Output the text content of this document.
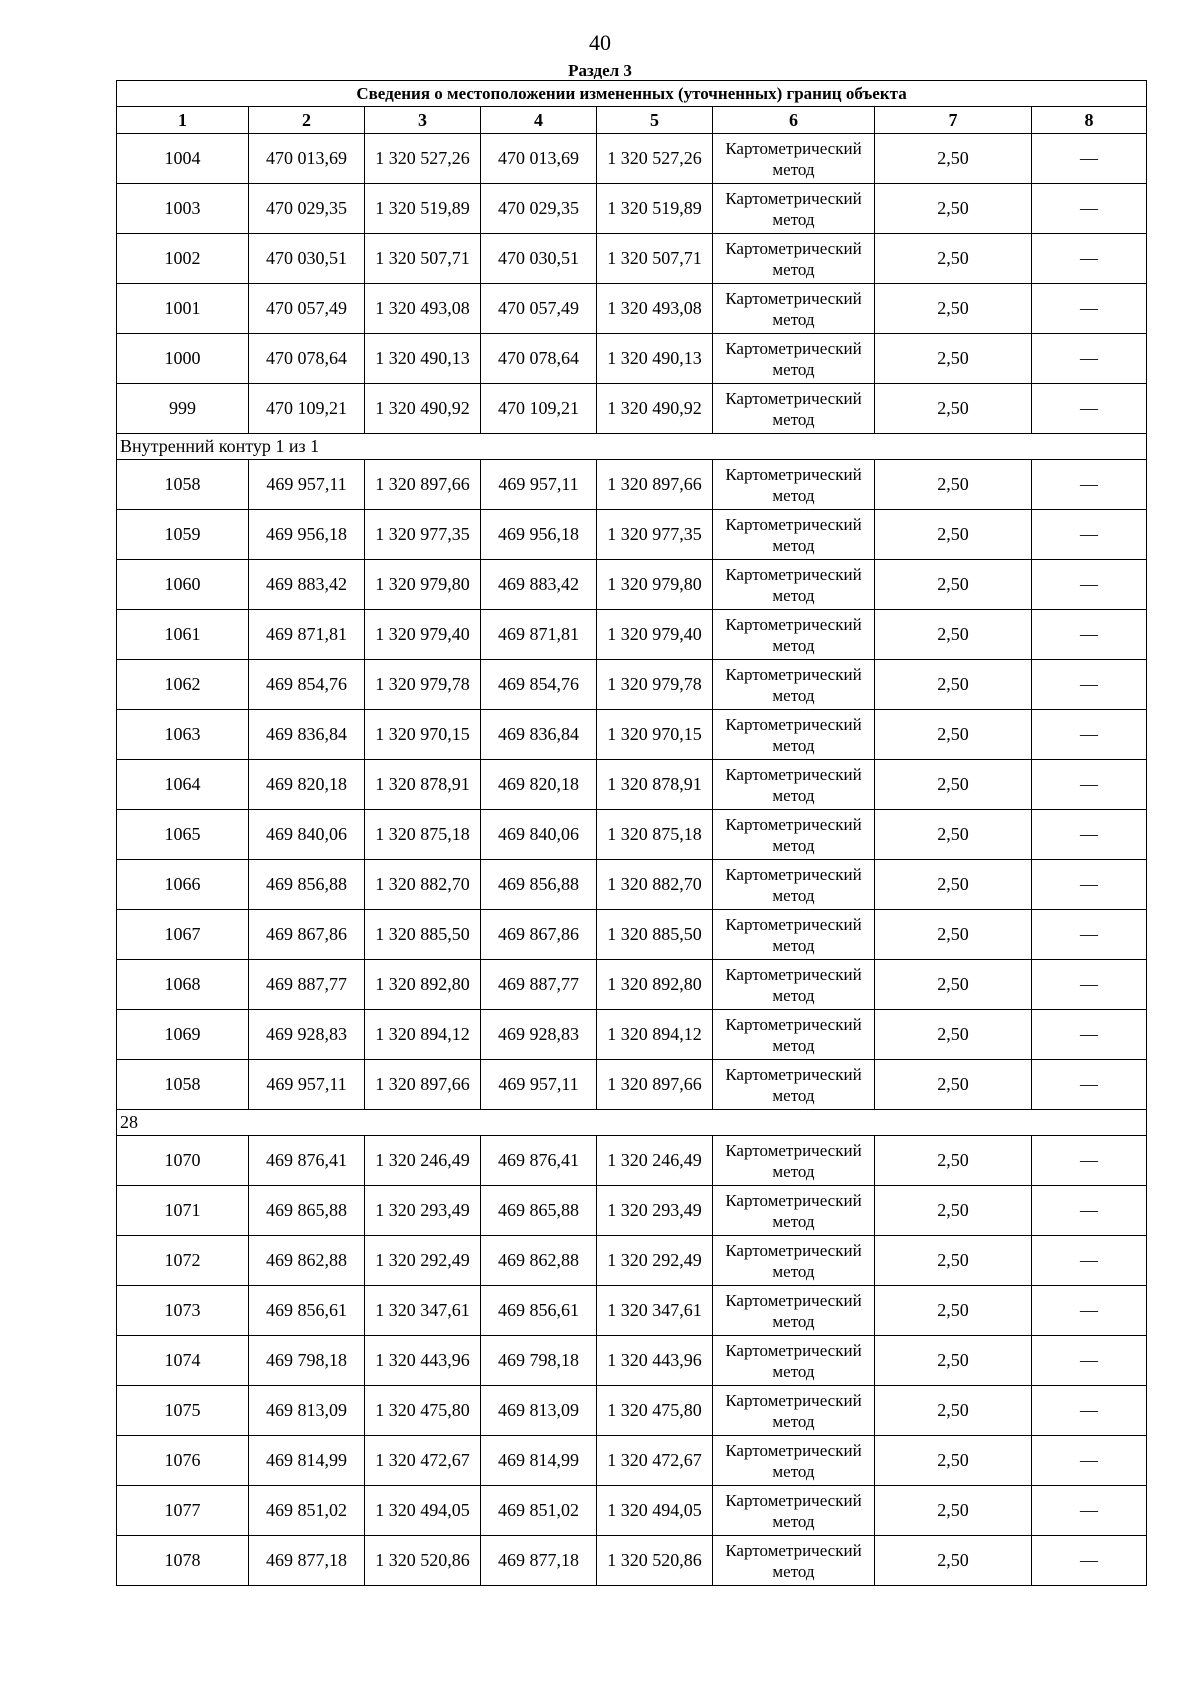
40
Раздел 3
Сведения о местоположении измененных (уточненных) границ объекта							
1	2	3	4	5	6	7	8
1004	470 013,69	1 320 527,26	470 013,69	1 320 527,26	Картометрический метод	2,50	—
1003	470 029,35	1 320 519,89	470 029,35	1 320 519,89	Картометрический метод	2,50	—
1002	470 030,51	1 320 507,71	470 030,51	1 320 507,71	Картометрический метод	2,50	—
1001	470 057,49	1 320 493,08	470 057,49	1 320 493,08	Картометрический метод	2,50	—
1000	470 078,64	1 320 490,13	470 078,64	1 320 490,13	Картометрический метод	2,50	—
999	470 109,21	1 320 490,92	470 109,21	1 320 490,92	Картометрический метод	2,50	—
Внутренний контур 1 из 1							
1058	469 957,11	1 320 897,66	469 957,11	1 320 897,66	Картометрический метод	2,50	—
1059	469 956,18	1 320 977,35	469 956,18	1 320 977,35	Картометрический метод	2,50	—
1060	469 883,42	1 320 979,80	469 883,42	1 320 979,80	Картометрический метод	2,50	—
1061	469 871,81	1 320 979,40	469 871,81	1 320 979,40	Картометрический метод	2,50	—
1062	469 854,76	1 320 979,78	469 854,76	1 320 979,78	Картометрический метод	2,50	—
1063	469 836,84	1 320 970,15	469 836,84	1 320 970,15	Картометрический метод	2,50	—
1064	469 820,18	1 320 878,91	469 820,18	1 320 878,91	Картометрический метод	2,50	—
1065	469 840,06	1 320 875,18	469 840,06	1 320 875,18	Картометрический метод	2,50	—
1066	469 856,88	1 320 882,70	469 856,88	1 320 882,70	Картометрический метод	2,50	—
1067	469 867,86	1 320 885,50	469 867,86	1 320 885,50	Картометрический метод	2,50	—
1068	469 887,77	1 320 892,80	469 887,77	1 320 892,80	Картометрический метод	2,50	—
1069	469 928,83	1 320 894,12	469 928,83	1 320 894,12	Картометрический метод	2,50	—
1058	469 957,11	1 320 897,66	469 957,11	1 320 897,66	Картометрический метод	2,50	—
28							
1070	469 876,41	1 320 246,49	469 876,41	1 320 246,49	Картометрический метод	2,50	—
1071	469 865,88	1 320 293,49	469 865,88	1 320 293,49	Картометрический метод	2,50	—
1072	469 862,88	1 320 292,49	469 862,88	1 320 292,49	Картометрический метод	2,50	—
1073	469 856,61	1 320 347,61	469 856,61	1 320 347,61	Картометрический метод	2,50	—
1074	469 798,18	1 320 443,96	469 798,18	1 320 443,96	Картометрический метод	2,50	—
1075	469 813,09	1 320 475,80	469 813,09	1 320 475,80	Картометрический метод	2,50	—
1076	469 814,99	1 320 472,67	469 814,99	1 320 472,67	Картометрический метод	2,50	—
1077	469 851,02	1 320 494,05	469 851,02	1 320 494,05	Картометрический метод	2,50	—
1078	469 877,18	1 320 520,86	469 877,18	1 320 520,86	Картометрический метод	2,50	—
